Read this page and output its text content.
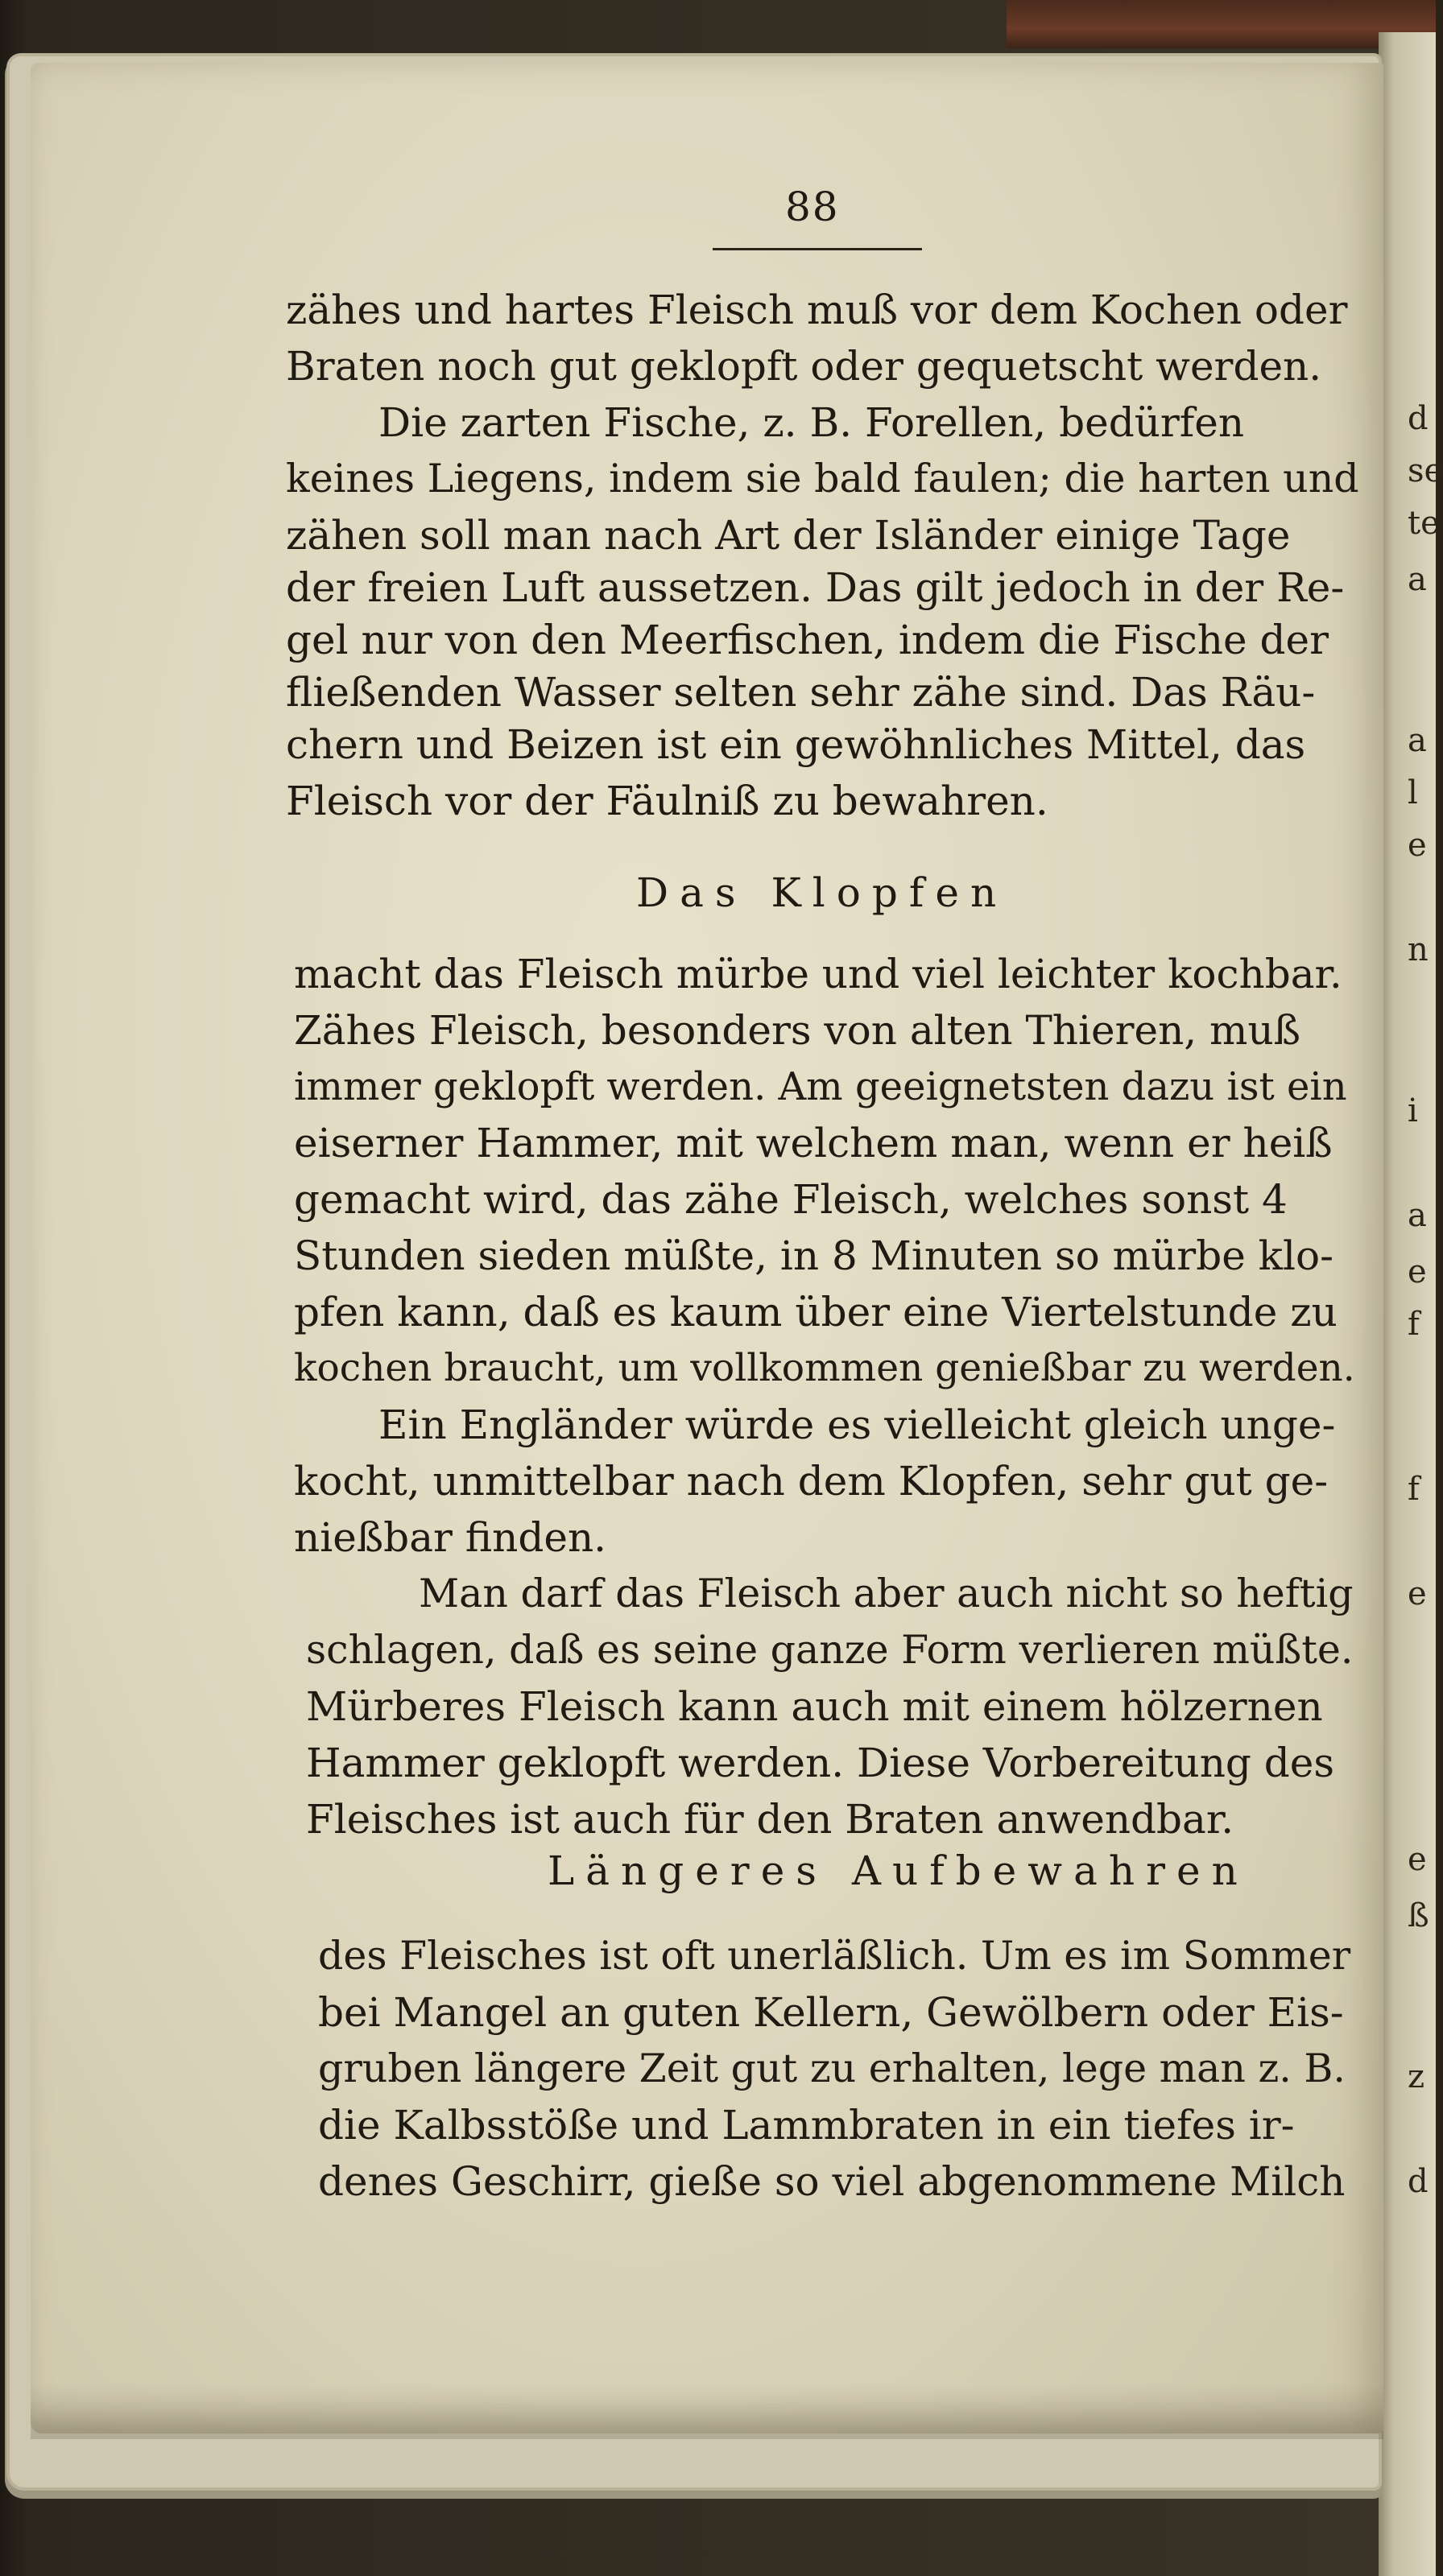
d
se
te
a
a
l
e
n
i
a
e
f
f
e
e
ß
z
d
88
zähes und hartes Fleisch muß vor dem Kochen oder
Braten noch gut geklopft oder gequetscht werden.
Die zarten Fische, z. B. Forellen, bedürfen
keines Liegens, indem sie bald faulen; die harten und
zähen soll man nach Art der Isländer einige Tage
der freien Luft aussetzen. Das gilt jedoch in der Re-
gel nur von den Meerfischen, indem die Fische der
fließenden Wasser selten sehr zähe sind. Das Räu-
chern und Beizen ist ein gewöhnliches Mittel, das
Fleisch vor der Fäulniß zu bewahren.
Das Klopfen
macht das Fleisch mürbe und viel leichter kochbar.
Zähes Fleisch, besonders von alten Thieren, muß
immer geklopft werden. Am geeignetsten dazu ist ein
eiserner Hammer, mit welchem man, wenn er heiß
gemacht wird, das zähe Fleisch, welches sonst 4
Stunden sieden müßte, in 8 Minuten so mürbe klo-
pfen kann, daß es kaum über eine Viertelstunde zu
kochen braucht, um vollkommen genießbar zu werden.
Ein Engländer würde es vielleicht gleich unge-
kocht, unmittelbar nach dem Klopfen, sehr gut ge-
nießbar finden.
Man darf das Fleisch aber auch nicht so heftig
schlagen, daß es seine ganze Form verlieren müßte.
Mürberes Fleisch kann auch mit einem hölzernen
Hammer geklopft werden. Diese Vorbereitung des
Fleisches ist auch für den Braten anwendbar.
Längeres Aufbewahren
des Fleisches ist oft unerläßlich. Um es im Sommer
bei Mangel an guten Kellern, Gewölbern oder Eis-
gruben längere Zeit gut zu erhalten, lege man z. B.
die Kalbsstöße und Lammbraten in ein tiefes ir-
denes Geschirr, gieße so viel abgenommene Milch
